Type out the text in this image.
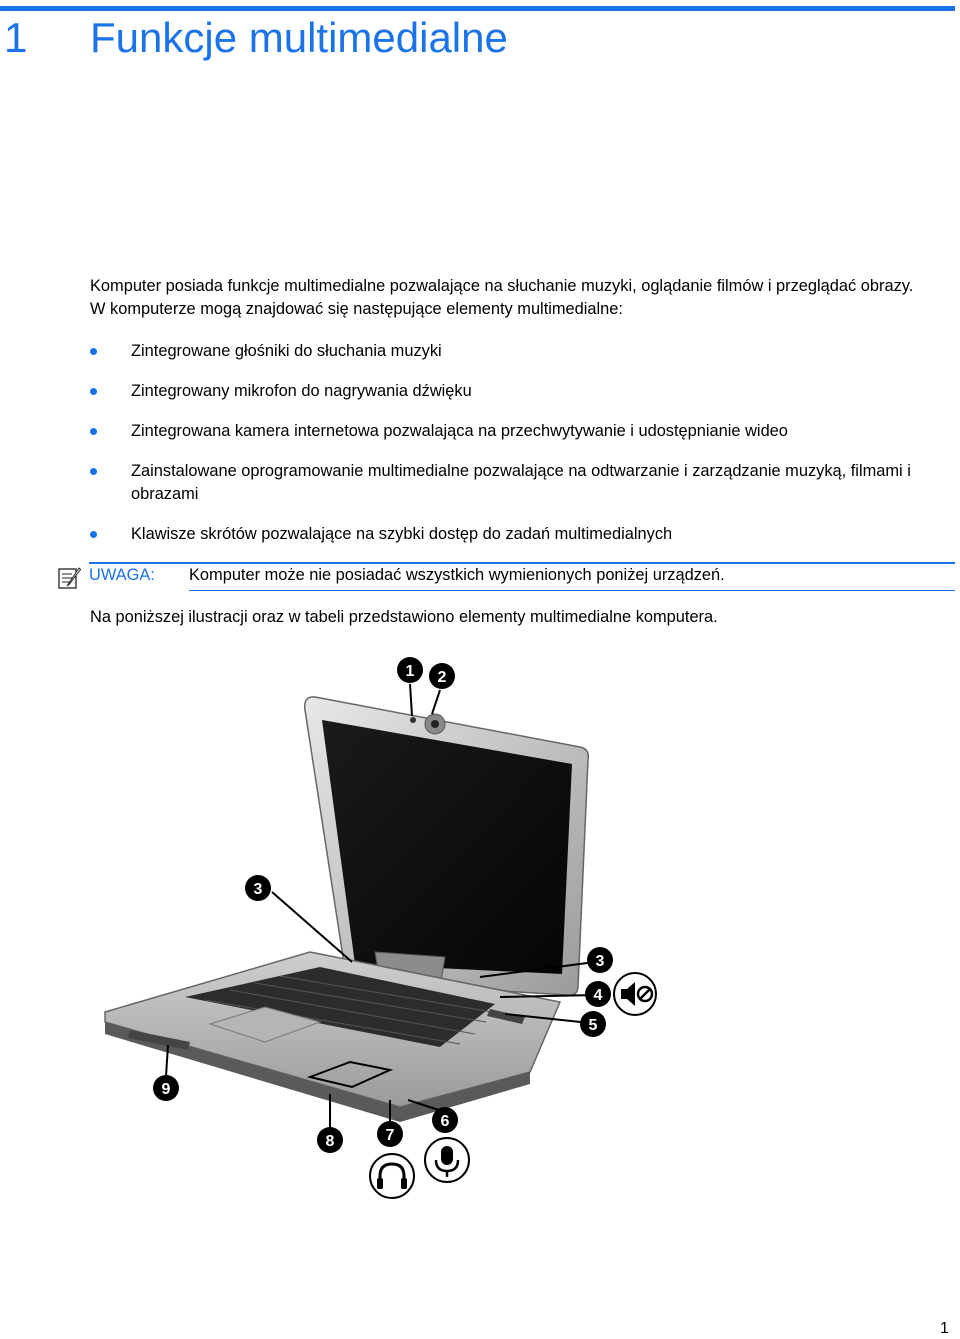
1 Funkcje multimedialne

Komputer posiada funkcje multimedialne pozwalające na słuchanie muzyki, oglądanie filmów i przeglądać obrazy. W komputerze mogą znajdować się następujące elementy multimedialne:

Zintegrowane głośniki do słuchania muzyki
Zintegrowany mikrofon do nagrywania dźwięku
Zintegrowana kamera internetowa pozwalająca na przechwytywanie i udostępnianie wideo
Zainstalowane oprogramowanie multimedialne pozwalające na odtwarzanie i zarządzanie muzyką, filmami i obrazami
Klawisze skrótów pozwalające na szybki dostęp do zadań multimedialnych
UWAGA: Komputer może nie posiadać wszystkich wymienionych poniżej urządzeń.
Na poniższej ilustracji oraz w tabeli przedstawiono elementy multimedialne komputera.
1 2
3
3
4
5
9
8	7
6
1
